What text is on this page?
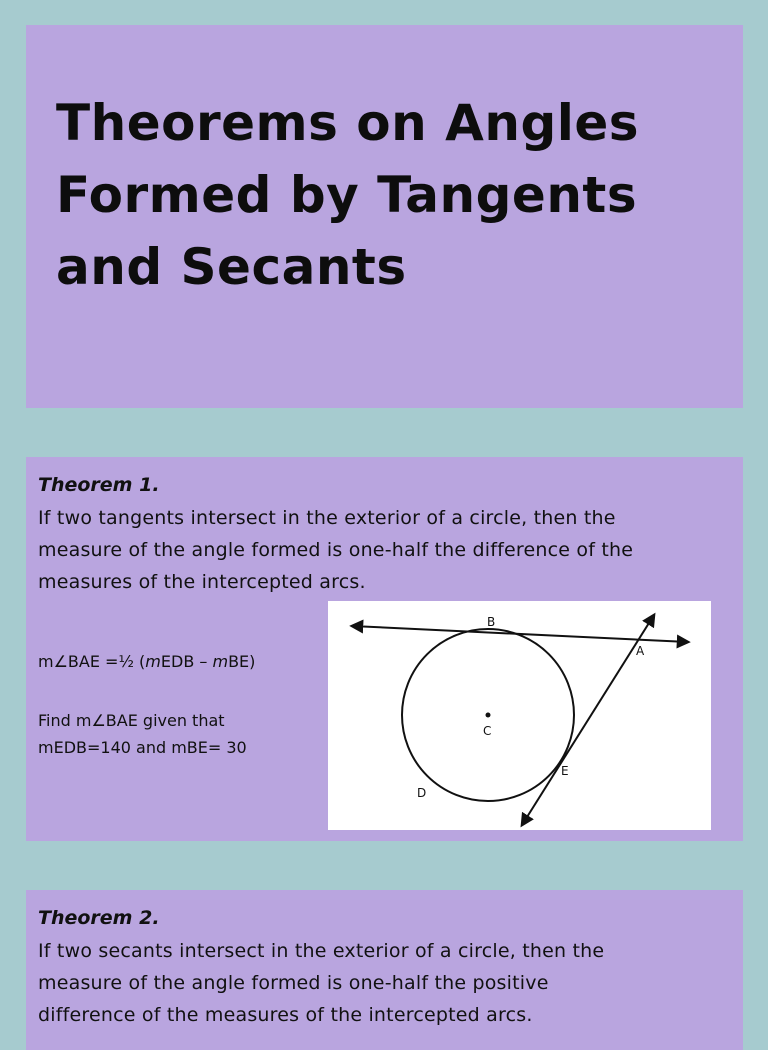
Theorems on Angles
Formed by Tangents
and Secants
Theorem 1.

If two tangents intersect in the exterior of a circle, then the
measure of the angle formed is one-half the difference of the
measures of the intercepted arcs.

m∠BAE =½ (mEDB – mBE)

Find m∠BAE given that
mEDB=140 and mBE= 30

B
A
C
E
D
Theorem 2.

If two secants intersect in the exterior of a circle, then the
measure of the angle formed is one-half the positive
difference of the measures of the intercepted arcs.
